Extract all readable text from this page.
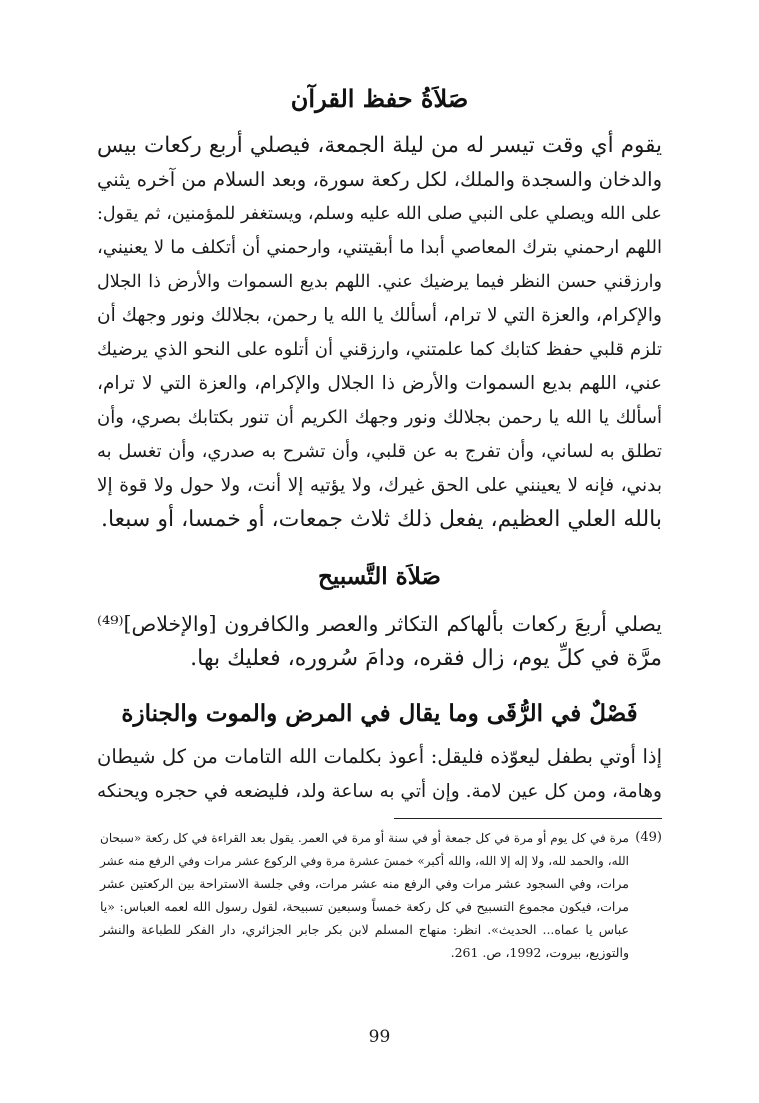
صَلاَةُ حفظ القرآن
يقوم أي وقت تيسر له من ليلة الجمعة، فيصلي أربع ركعات بيس
والدخان والسجدة والملك، لكل ركعة سورة، وبعد السلام من آخره يثني
على الله ويصلي على النبي صلى الله عليه وسلم، ويستغفر للمؤمنين، ثم يقول:
اللهم ارحمني بترك المعاصي أبدا ما أبقيتني، وارحمني أن أتكلف ما لا يعنيني،
وارزقني حسن النظر فيما يرضيك عني. اللهم بديع السموات والأرض ذا الجلال
والإكرام، والعزة التي لا ترام، أسألك يا الله يا رحمن، بجلالك ونور وجهك أن
تلزم قلبي حفظ كتابك كما علمتني، وارزقني أن أتلوه على النحو الذي يرضيك
عني، اللهم بديع السموات والأرض ذا الجلال والإكرام، والعزة التي لا ترام،
أسألك يا الله يا رحمن بجلالك ونور وجهك الكريم أن تنور بكتابك بصري، وأن
تطلق به لساني، وأن تفرج به عن قلبي، وأن تشرح به صدري، وأن تغسل به
بدني، فإنه لا يعينني على الحق غيرك، ولا يؤتيه إلا أنت، ولا حول ولا قوة إلا
بالله العلي العظيم، يفعل ذلك ثلاث جمعات، أو خمسا، أو سبعا.
صَلاَة التَّسبيح
يصلي أربعَ ركعات بألهاكم التكاثر والعصر والكافرون [والإخلاص]⁽⁴⁹⁾
مرَّة في كلِّ يوم، زال فقره، ودامَ سُروره، فعليك بها.
فَصْلٌ في الرُّقَى وما يقال في المرض والموت والجنازة
إذا أوتي بطفل ليعوّذه فليقل: أعوذ بكلمات الله التامات من كل شيطان
وهامة، ومن كل عين لامة. وإن أتي به ساعة ولد، فليضعه في حجره ويحنكه
(49)
مرة في كل يوم أو مرة في كل جمعة أو في سنة أو مرة في العمر. يقول بعد القراءة في كل ركعة «سبحان
الله، والحمد لله، ولا إله إلا الله، والله أكبر» خمسَ عشرة مرة وفي الركوع عشر مرات وفي الرفع منه عشر
مرات، وفي السجود عشر مرات وفي الرفع منه عشر مرات، وفي جلسة الاستراحة بين الركعتين عشر
مرات، فيكون مجموع التسبيح في كل ركعة خمساً وسبعين تسبيحة، لقول رسول الله لعمه العباس: «يا
عباس يا عماه... الحديث». انظر: منهاج المسلم لابن بكر جابر الجزائري، دار الفكر للطباعة والنشر
والتوزيع، بيروت، 1992، ص. 261.
99
